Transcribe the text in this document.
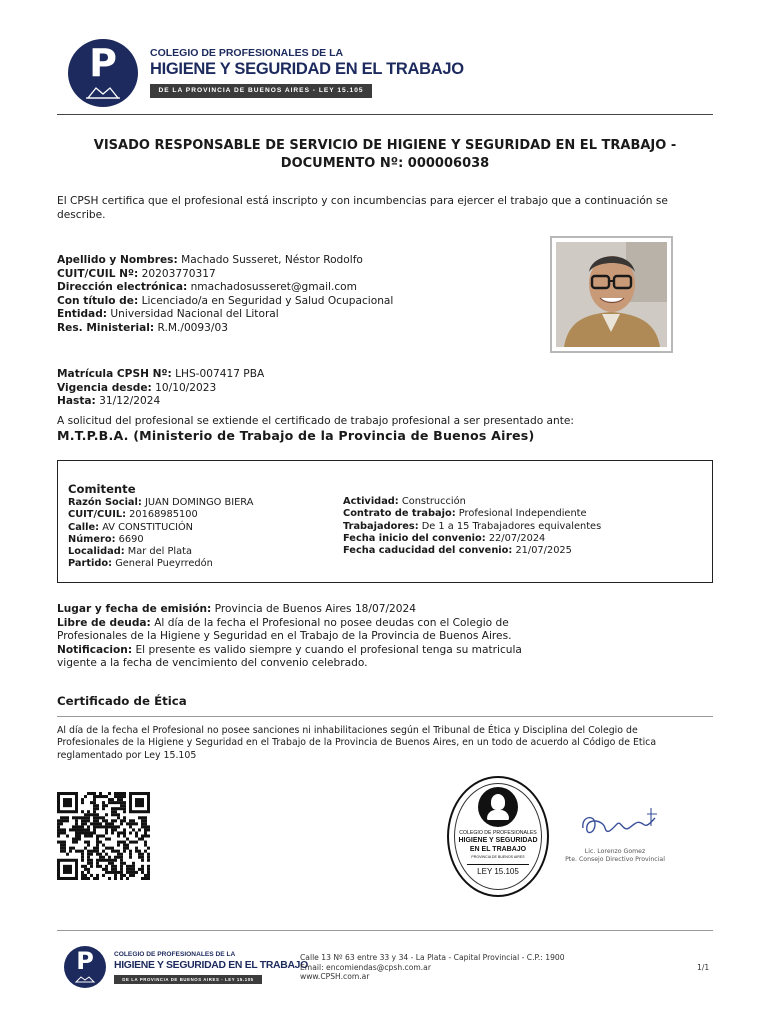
P	COLEGIO DE PROFESIONALES DE LA
HIGIENE Y SEGURIDAD EN EL TRABAJO
DE LA PROVINCIA DE BUENOS AIRES - LEY 15.105
VISADO RESPONSABLE DE SERVICIO DE HIGIENE Y SEGURIDAD EN EL TRABAJO -
DOCUMENTO Nº: 000006038
El CPSH certifica que el profesional está inscripto y con incumbencias para ejercer el trabajo que a continuación se describe.
Apellido y Nombres: Machado Susseret, Néstor Rodolfo
CUIT/CUIL Nº: 20203770317
Dirección electrónica: nmachadosusseret@gmail.com
Con título de: Licenciado/a en Seguridad y Salud Ocupacional
Entidad: Universidad Nacional del Litoral
Res. Ministerial: R.M./0093/03
Matrícula CPSH Nº: LHS-007417 PBA
Vigencia desde: 10/10/2023
Hasta: 31/12/2024
A solicitud del profesional se extiende el certificado de trabajo profesional a ser presentado ante:
M.T.P.B.A. (Ministerio de Trabajo de la Provincia de Buenos Aires)
Comitente
Razón Social: JUAN DOMINGO BIERA
CUIT/CUIL: 20168985100
Calle: AV CONSTITUCIÓN
Número: 6690
Localidad: Mar del Plata
Partido: General Pueyrredón
Actividad: Construcción
Contrato de trabajo: Profesional Independiente
Trabajadores: De 1 a 15 Trabajadores equivalentes
Fecha inicio del convenio: 22/07/2024
Fecha caducidad del convenio: 21/07/2025
Lugar y fecha de emisión: Provincia de Buenos Aires 18/07/2024
Libre de deuda: Al día de la fecha el Profesional no posee deudas con el Colegio de
Profesionales de la Higiene y Seguridad en el Trabajo de la Provincia de Buenos Aires.
Notificacion: El presente es valido siempre y cuando el profesional tenga su matricula
vigente a la fecha de vencimiento del convenio celebrado.
Certificado de Ética
Al día de la fecha el Profesional no posee sanciones ni inhabilitaciones según el Tribunal de Ética y Disciplina del Colegio de
Profesionales de la Higiene y Seguridad en el Trabajo de la Provincia de Buenos Aires, en un todo de acuerdo al Código de Etica
reglamentado por Ley 15.105
COLEGIO DE PROFESIONALES
HIGIENE Y SEGURIDAD
EN EL TRABAJO
PROVINCIA DE BUENOS AIRES
LEY 15.105
Lic. Lorenzo Gomez
Pte. Consejo Directivo Provincial
P	COLEGIO DE PROFESIONALES DE LA
HIGIENE Y SEGURIDAD EN EL TRABAJO
DE LA PROVINCIA DE BUENOS AIRES - LEY 15.105
Calle 13 Nº 63 entre 33 y 34 - La Plata - Capital Provincial - C.P.: 1900
Email: encomiendas@cpsh.com.ar
www.CPSH.com.ar
1/1
